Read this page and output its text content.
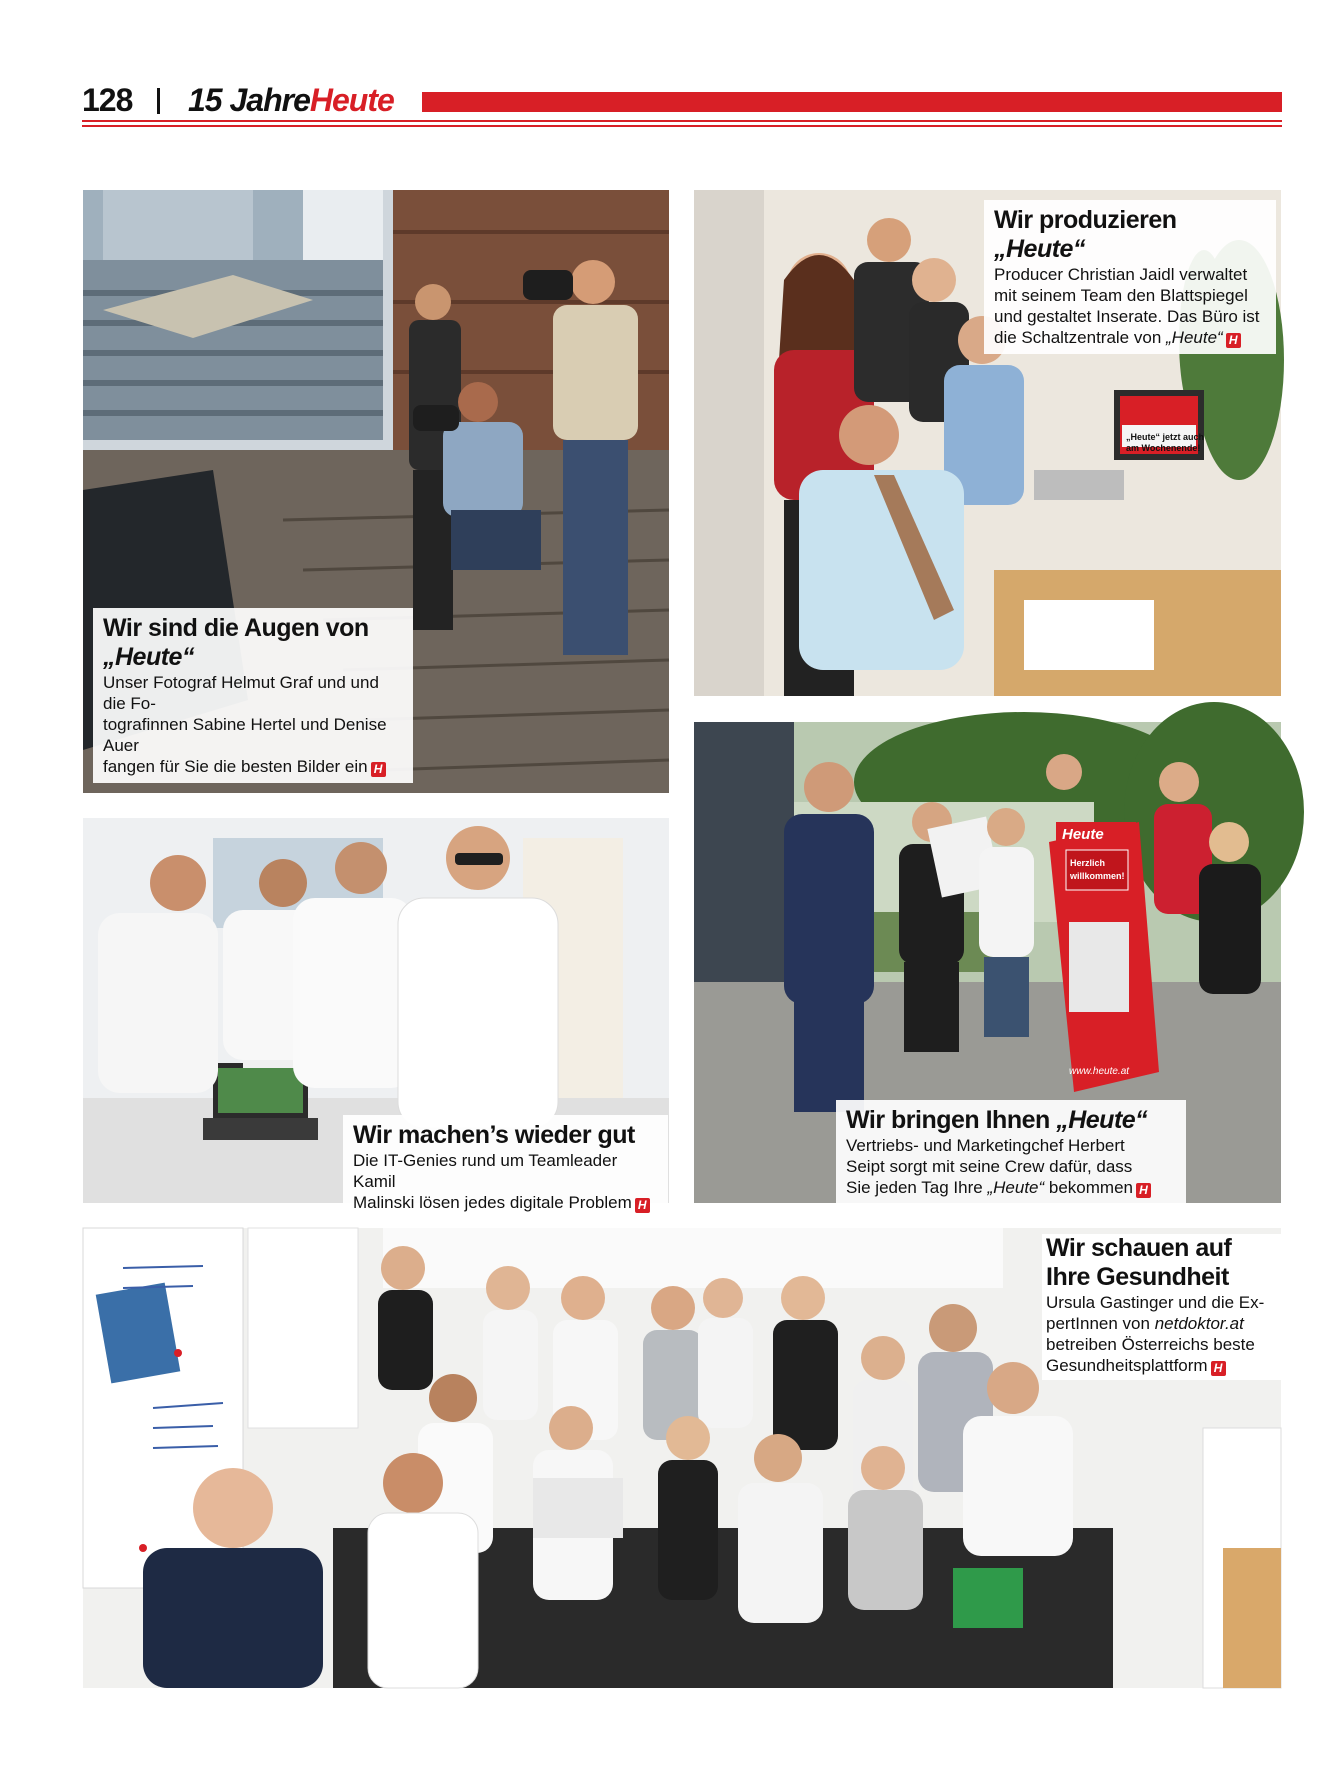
128 15 JahreHeute
Wir sind die Augen von „Heute“
Unser Fotograf Helmut Graf und und die Fo-
tografinnen Sabine Hertel und Denise Auer
fangen für Sie die besten Bilder ein H
„Heute“ jetzt auch
am Wochenende!
Wir produzieren „Heute“
Producer Christian Jaidl verwaltet
mit seinem Team den Blattspiegel
und gestaltet Inserate. Das Büro ist
die Schaltzentrale von „Heute“ H
Wir machen’s wieder gut
Die IT-Genies rund um Teamleader Kamil
Malinski lösen jedes digitale Problem H
Heute
Herzlich
willkommen!
www.heute.at
Wir bringen Ihnen „Heute“
Vertriebs- und Marketingchef Herbert
Seipt sorgt mit seine Crew dafür, dass
Sie jeden Tag Ihre „Heute“ bekommen H
Wir schauen auf
Ihre Gesundheit
Ursula Gastinger und die Ex-
pertInnen von netdoktor.at
betreiben Österreichs beste
Gesundheitsplattform H
